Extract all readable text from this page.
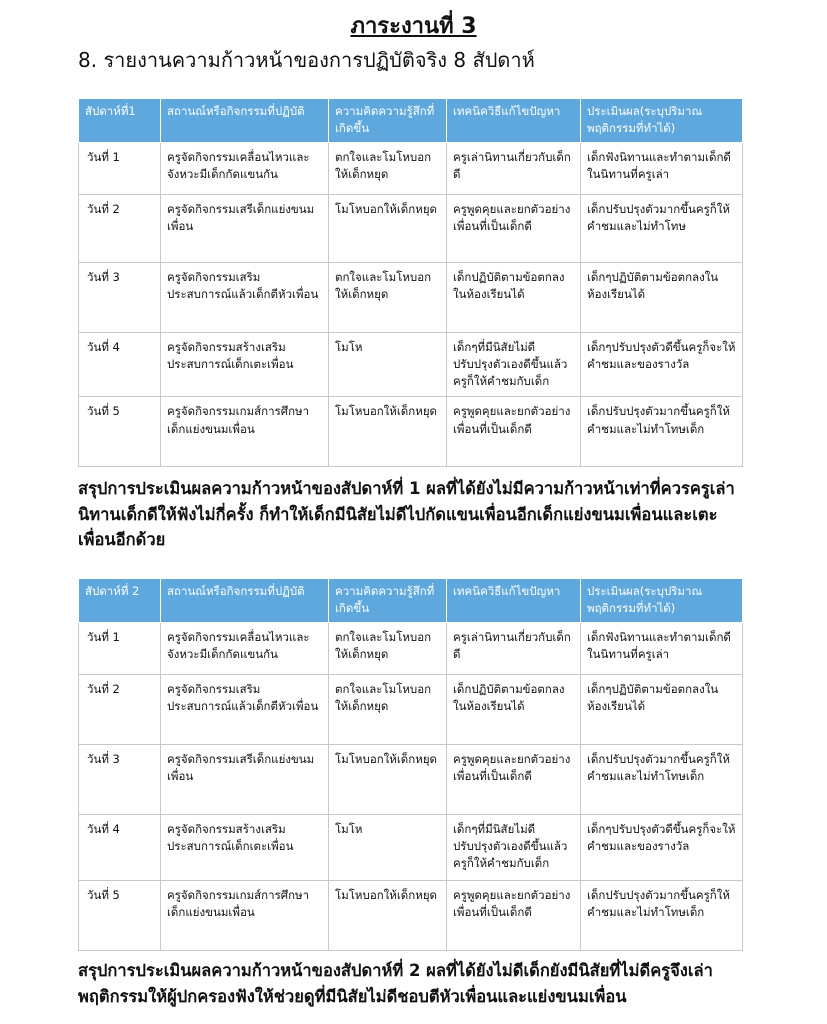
ภาระงานที่ 3
8. รายงานความก้าวหน้าของการปฏิบัติจริง 8 สัปดาห์
สัปดาห์ที่1	สถานณ์หรือกิจกรรมที่ปฏิบัติ	ความคิดความรู้สึกที่เกิดขึ้น	เทคนิควิธีแก้ไขปัญหา	ประเมินผล(ระบุปริมาณพฤติกรรมที่ทำได้)
วันที่ 1	ครูจัดกิจกรรมเคลื่อนไหวและจังหวะมีเด็กกัดแขนกัน	ตกใจและโมโหบอกให้เด็กหยุด	ครูเล่านิทานเกี่ยวกับเด็กดี	เด็กฟังนิทานและทำตามเด็กดีในนิทานที่ครูเล่า
วันที่ 2	ครูจัดกิจกรรมเสรีเด็กแย่งขนมเพื่อน	โมโหบอกให้เด็กหยุด	ครูพูดคุยและยกตัวอย่างเพื่อนที่เป็นเด็กดี	เด็กปรับปรุงตัวมากขึ้นครูก็ให้คำชมและไม่ทำโทษ
วันที่ 3	ครูจัดกิจกรรมเสริมประสบการณ์แล้วเด็กตีหัวเพื่อน	ตกใจและโมโหบอกให้เด็กหยุด	เด็กปฏิบัติตามข้อตกลงในห้องเรียนได้	เด็กๆปฏิบัติตามข้อตกลงในห้องเรียนได้
วันที่ 4	ครูจัดกิจกรรมสร้างเสริมประสบการณ์เด็กเตะเพื่อน	โมโห	เด็กๆที่มีนิสัยไม่ดีปรับปรุงตัวเองดีขึ้นแล้วครูก็ให้คำชมกับเด็ก	เด็กๆปรับปรุงตัวดีขึ้นครูก็จะให้คำชมและของรางวัล
วันที่ 5	ครูจัดกิจกรรมเกมส์การศึกษาเด็กแย่งขนมเพื่อน	โมโหบอกให้เด็กหยุด	ครูพูดคุยและยกตัวอย่างเพื่อนที่เป็นเด็กดี	เด็กปรับปรุงตัวมากขึ้นครูก็ให้คำชมและไม่ทำโทษเด็ก
สรุปการประเมินผลความก้าวหน้าของสัปดาห์ที่ 1 ผลที่ได้ยังไม่มีความก้าวหน้าเท่าที่ควรครูเล่านิทานเด็กดีให้ฟังไม่กี่ครั้ง ก็ทำให้เด็กมีนิสัยไม่ดีไปกัดแขนเพื่อนอีกเด็กแย่งขนมเพื่อนและเตะเพื่อนอีกด้วย
สัปดาห์ที่ 2	สถานณ์หรือกิจกรรมที่ปฏิบัติ	ความคิดความรู้สึกที่เกิดขึ้น	เทคนิควิธีแก้ไขปัญหา	ประเมินผล(ระบุปริมาณพฤติกรรมที่ทำได้)
วันที่ 1	ครูจัดกิจกรรมเคลื่อนไหวและจังหวะมีเด็กกัดแขนกัน	ตกใจและโมโหบอกให้เด็กหยุด	ครูเล่านิทานเกี่ยวกับเด็กดี	เด็กฟังนิทานและทำตามเด็กดีในนิทานที่ครูเล่า
วันที่ 2	ครูจัดกิจกรรมเสริมประสบการณ์แล้วเด็กตีหัวเพื่อน	ตกใจและโมโหบอกให้เด็กหยุด	เด็กปฏิบัติตามข้อตกลงในห้องเรียนได้	เด็กๆปฏิบัติตามข้อตกลงในห้องเรียนได้
วันที่ 3	ครูจัดกิจกรรมเสรีเด็กแย่งขนมเพื่อน	โมโหบอกให้เด็กหยุด	ครูพูดคุยและยกตัวอย่างเพื่อนที่เป็นเด็กดี	เด็กปรับปรุงตัวมากขึ้นครูก็ให้คำชมและไม่ทำโทษเด็ก
วันที่ 4	ครูจัดกิจกรรมสร้างเสริมประสบการณ์เด็กเตะเพื่อน	โมโห	เด็กๆที่มีนิสัยไม่ดีปรับปรุงตัวเองดีขึ้นแล้วครูก็ให้คำชมกับเด็ก	เด็กๆปรับปรุงตัวดีขึ้นครูก็จะให้คำชมและของรางวัล
วันที่ 5	ครูจัดกิจกรรมเกมส์การศึกษาเด็กแย่งขนมเพื่อน	โมโหบอกให้เด็กหยุด	ครูพูดคุยและยกตัวอย่างเพื่อนที่เป็นเด็กดี	เด็กปรับปรุงตัวมากขึ้นครูก็ให้คำชมและไม่ทำโทษเด็ก
สรุปการประเมินผลความก้าวหน้าของสัปดาห์ที่ 2 ผลที่ได้ยังไม่ดีเด็กยังมีนิสัยที่ไม่ดีครูจึงเล่าพฤติกรรมให้ผู้ปกครองฟังให้ช่วยดูที่มีนิสัยไม่ดีชอบตีหัวเพื่อนและแย่งขนมเพื่อน
